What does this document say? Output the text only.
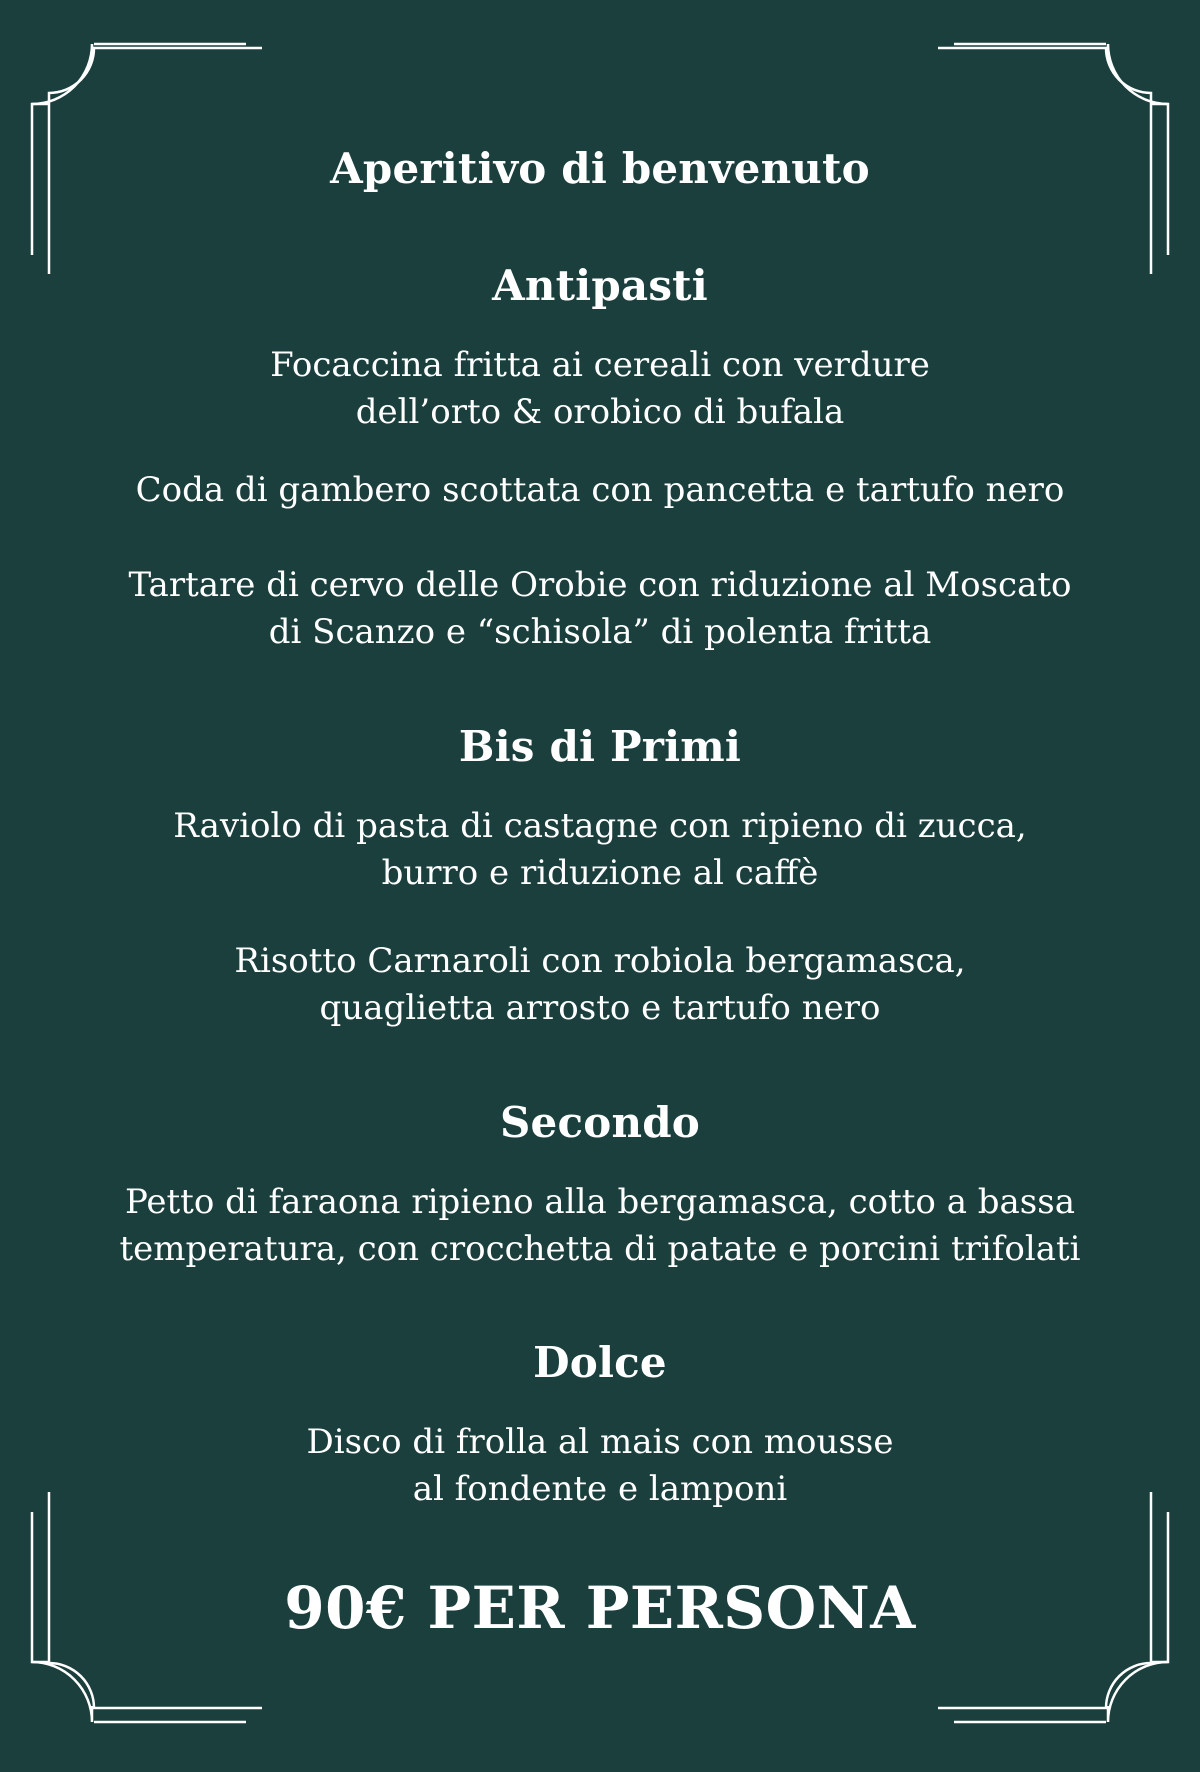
Aperitivo di benvenuto
Antipasti

Focaccina fritta ai cereali con verdure

dell’orto & orobico di bufala

Coda di gambero scottata con pancetta e tartufo nero

Tartare di cervo delle Orobie con riduzione al Moscato

di Scanzo e “schisola” di polenta fritta

Bis di Primi

Raviolo di pasta di castagne con ripieno di zucca,

burro e riduzione al caffè

Risotto Carnaroli con robiola bergamasca,

quaglietta arrosto e tartufo nero

Secondo

Petto di faraona ripieno alla bergamasca, cotto a bassa

temperatura, con crocchetta di patate e porcini trifolati

Dolce

Disco di frolla al mais con mousse

al fondente e lamponi

90€ PER PERSONA
